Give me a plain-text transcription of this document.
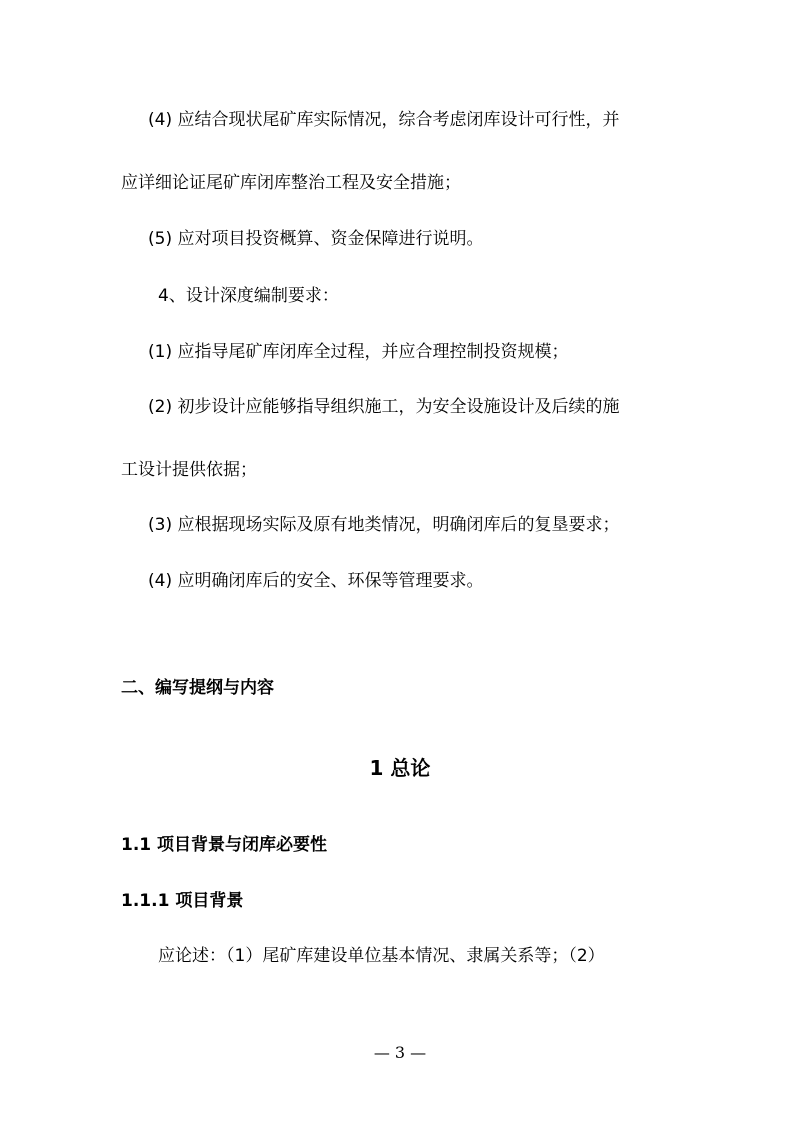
(4) 应结合现状尾矿库实际情况，综合考虑闭库设计可行性，并
应详细论证尾矿库闭库整治工程及安全措施；
(5) 应对项目投资概算、资金保障进行说明。
4、设计深度编制要求：
(1) 应指导尾矿库闭库全过程，并应合理控制投资规模；
(2) 初步设计应能够指导组织施工，为安全设施设计及后续的施
工设计提供依据；
(3) 应根据现场实际及原有地类情况，明确闭库后的复垦要求；
(4) 应明确闭库后的安全、环保等管理要求。
二、编写提纲与内容
1 总论
1.1 项目背景与闭库必要性
1.1.1 项目背景
应论述：（1）尾矿库建设单位基本情况、隶属关系等；（2）
— 3 —
